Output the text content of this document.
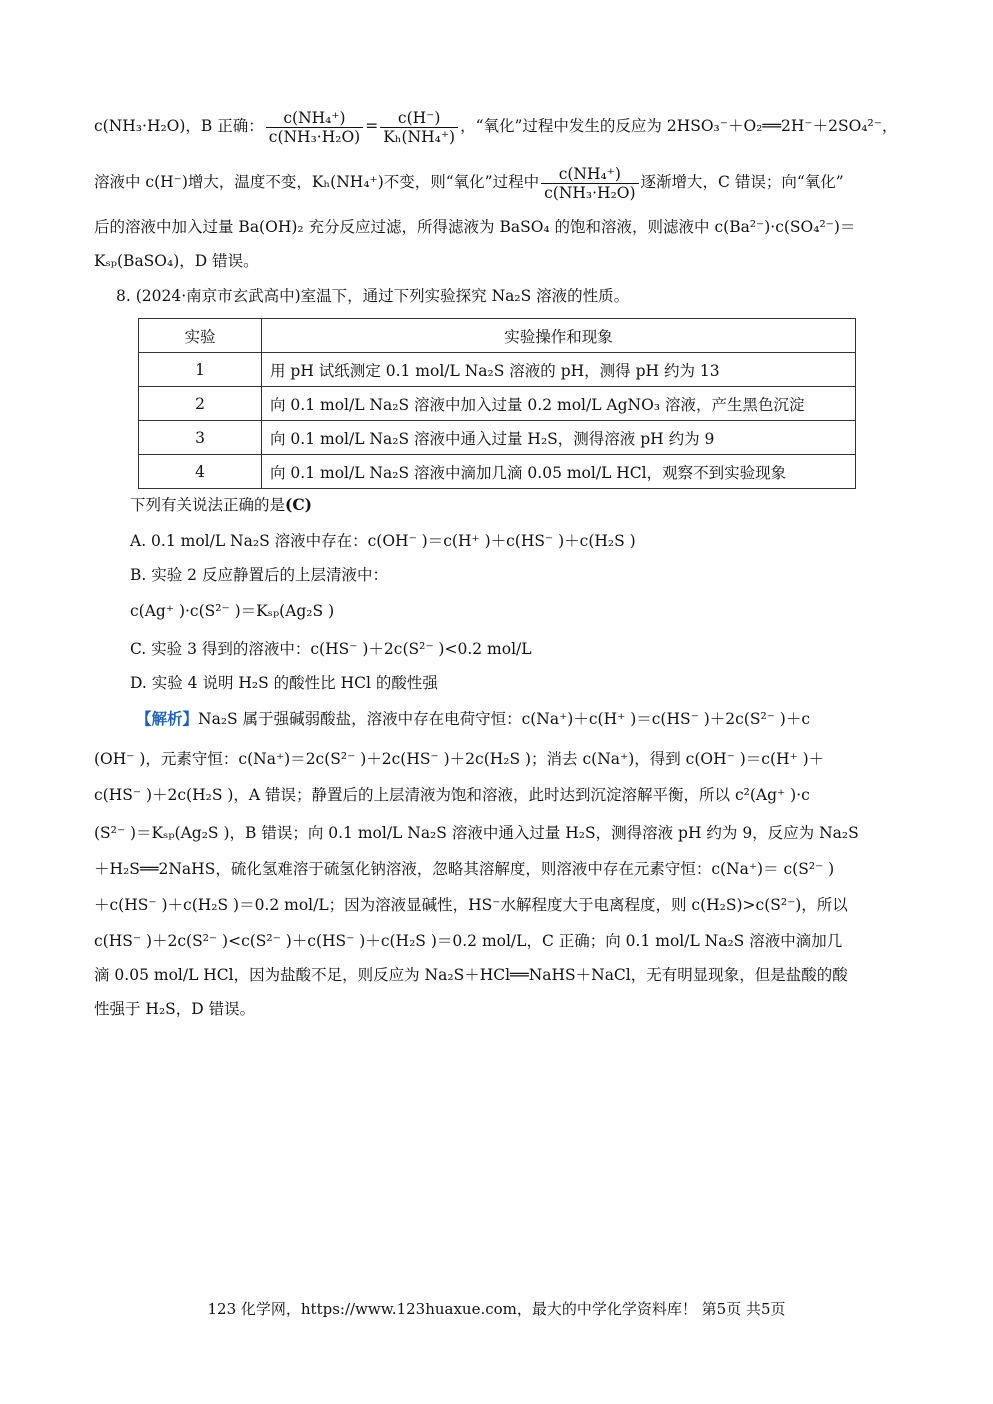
c(NH₃·H₂O)，B 正确： $\frac{\text{c(NH₄⁺)}}{\text{c(NH₃·H₂O)}} = \frac{c(H^-)}{\text{Kₕ(NH₄⁺)}}$ ，“氧化”过程中发生的反应为 2HSO₃⁻＋O₂══2H⁻＋2SO₄²⁻，
溶液中 c(H⁻)增大，温度不变，Kₕ(NH₄⁺)不变，则“氧化”过程中 $\frac{\text{c(NH₄⁺)}}{\text{c(NH₃·H₂O)}}$ 逐渐增大，C 错误；向“氧化”
后的溶液中加入过量 Ba(OH)₂ 充分反应过滤，所得滤液为 BaSO₄ 的饱和溶液，则滤液中 c(Ba²⁻)·c(SO₄²⁻)＝
Kₛₚ(BaSO₄)，D 错误。
8. (2024·南京市玄武高中)室温下，通过下列实验探究 Na₂S 溶液的性质。
实验	实验操作和现象
1	用 pH 试纸测定 0.1 mol/L Na₂S 溶液的 pH，测得 pH 约为 13
2	向 0.1 mol/L Na₂S 溶液中加入过量 0.2 mol/L AgNO₃ 溶液，产生黑色沉淀
3	向 0.1 mol/L Na₂S 溶液中通入过量 H₂S，测得溶液 pH 约为 9
4	向 0.1 mol/L Na₂S 溶液中滴加几滴 0.05 mol/L HCl，观察不到实验现象
下列有关说法正确的是(C)
A. 0.1 mol/L Na₂S 溶液中存在：c(OH⁻ )＝c(H⁺ )＋c(HS⁻ )＋c(H₂S )
B. 实验 2 反应静置后的上层清液中：
c(Ag⁺ )·c(S²⁻ )＝Kₛₚ(Ag₂S )
C. 实验 3 得到的溶液中：c(HS⁻ )＋2c(S²⁻ )<0.2 mol/L
D. 实验 4 说明 H₂S 的酸性比 HCl 的酸性强
【解析】Na₂S 属于强碱弱酸盐，溶液中存在电荷守恒：c(Na⁺)＋c(H⁺ )＝c(HS⁻ )＋2c(S²⁻ )＋c
(OH⁻ )，元素守恒：c(Na⁺)＝2c(S²⁻ )＋2c(HS⁻ )＋2c(H₂S )；消去 c(Na⁺)，得到 c(OH⁻ )＝c(H⁺ )＋
c(HS⁻ )＋2c(H₂S )，A 错误；静置后的上层清液为饱和溶液，此时达到沉淀溶解平衡，所以 c²(Ag⁺ )·c
(S²⁻ )＝Kₛₚ(Ag₂S )，B 错误；向 0.1 mol/L Na₂S 溶液中通入过量 H₂S，测得溶液 pH 约为 9，反应为 Na₂S
＋H₂S══2NaHS，硫化氢难溶于硫氢化钠溶液，忽略其溶解度，则溶液中存在元素守恒：c(Na⁺)＝ c(S²⁻ )
＋c(HS⁻ )＋c(H₂S )＝0.2 mol/L；因为溶液显碱性，HS⁻水解程度大于电离程度，则 c(H₂S)>c(S²⁻)，所以
c(HS⁻ )＋2c(S²⁻ )<c(S²⁻ )＋c(HS⁻ )＋c(H₂S )＝0.2 mol/L，C 正确；向 0.1 mol/L Na₂S 溶液中滴加几
滴 0.05 mol/L HCl，因为盐酸不足，则反应为 Na₂S＋HCl══NaHS＋NaCl，无有明显现象，但是盐酸的酸
性强于 H₂S，D 错误。
123 化学网，https://www.123huaxue.com，最大的中学化学资料库！ 第5页 共5页
